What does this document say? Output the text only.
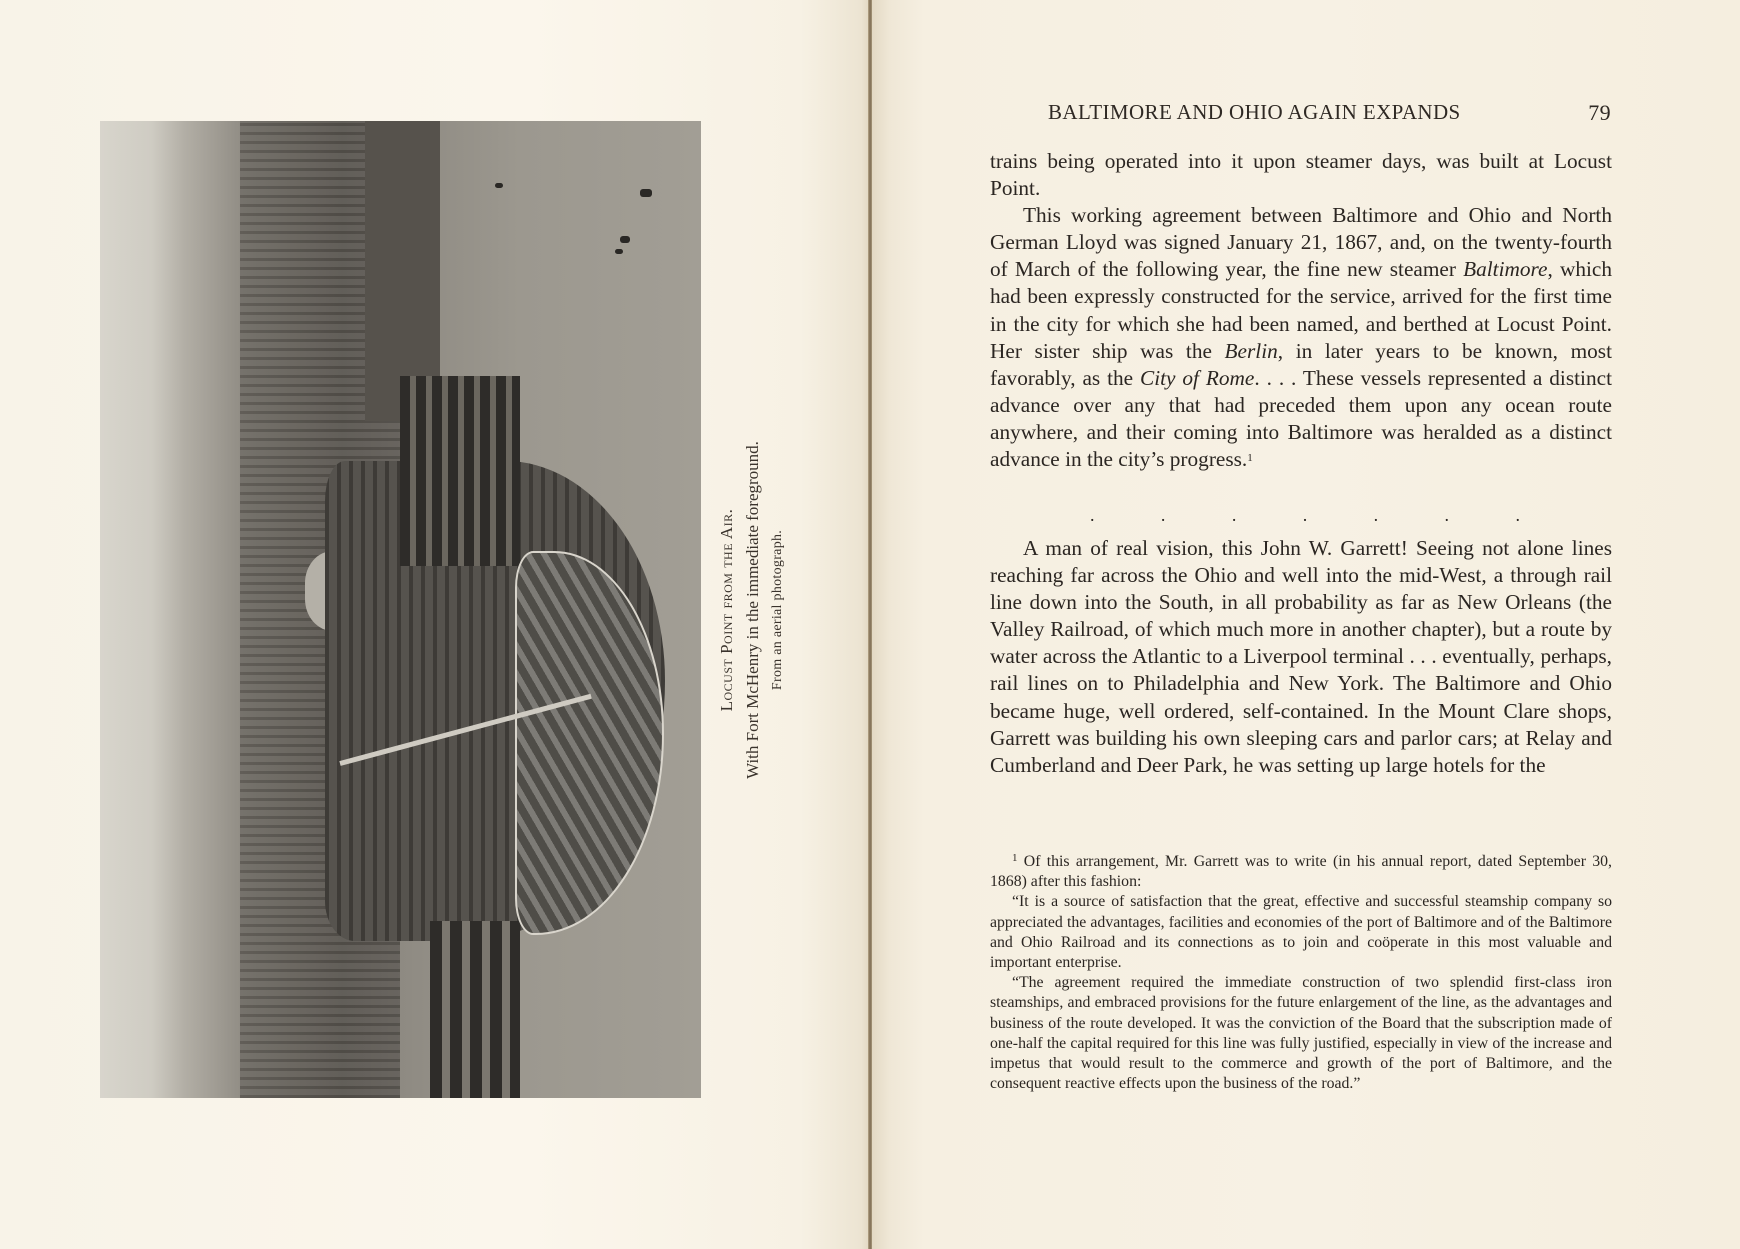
Locust Point from the Air. With Fort McHenry in the immediate foreground. From an aerial photograph.
BALTIMORE AND OHIO AGAIN EXPANDS	79

trains being operated into it upon steamer days, was built at Locust Point.

This working agreement between Baltimore and Ohio and North German Lloyd was signed January 21, 1867, and, on the twenty-fourth of March of the following year, the fine new steamer Baltimore, which had been expressly constructed for the service, arrived for the first time in the city for which she had been named, and berthed at Locust Point. Her sister ship was the Berlin, in later years to be known, most favorably, as the City of Rome. . . . These vessels represented a distinct advance over any that had preceded them upon any ocean route anywhere, and their coming into Baltimore was heralded as a distinct advance in the city’s progress.$^1$

.	.	.	.	.	.	.

A man of real vision, this John W. Garrett! Seeing not alone lines reaching far across the Ohio and well into the mid-West, a through rail line down into the South, in all probability as far as New Orleans (the Valley Railroad, of which much more in another chapter), but a route by water across the Atlantic to a Liverpool terminal . . . eventually, perhaps, rail lines on to Philadelphia and New York. The Baltimore and Ohio became huge, well ordered, self-contained. In the Mount Clare shops, Garrett was building his own sleeping cars and parlor cars; at Relay and Cumberland and Deer Park, he was setting up large hotels for the

$^1$ Of this arrangement, Mr. Garrett was to write (in his annual report, dated September 30, 1868) after this fashion:

“It is a source of satisfaction that the great, effective and successful steamship company so appreciated the advantages, facilities and economies of the port of Baltimore and of the Baltimore and Ohio Railroad and its connections as to join and coöperate in this most valuable and important enterprise.

“The agreement required the immediate construction of two splendid first-class iron steamships, and embraced provisions for the future enlargement of the line, as the advantages and business of the route developed. It was the conviction of the Board that the subscription made of one-half the capital required for this line was fully justified, especially in view of the increase and impetus that would result to the commerce and growth of the port of Baltimore, and the consequent reactive effects upon the business of the road.”
